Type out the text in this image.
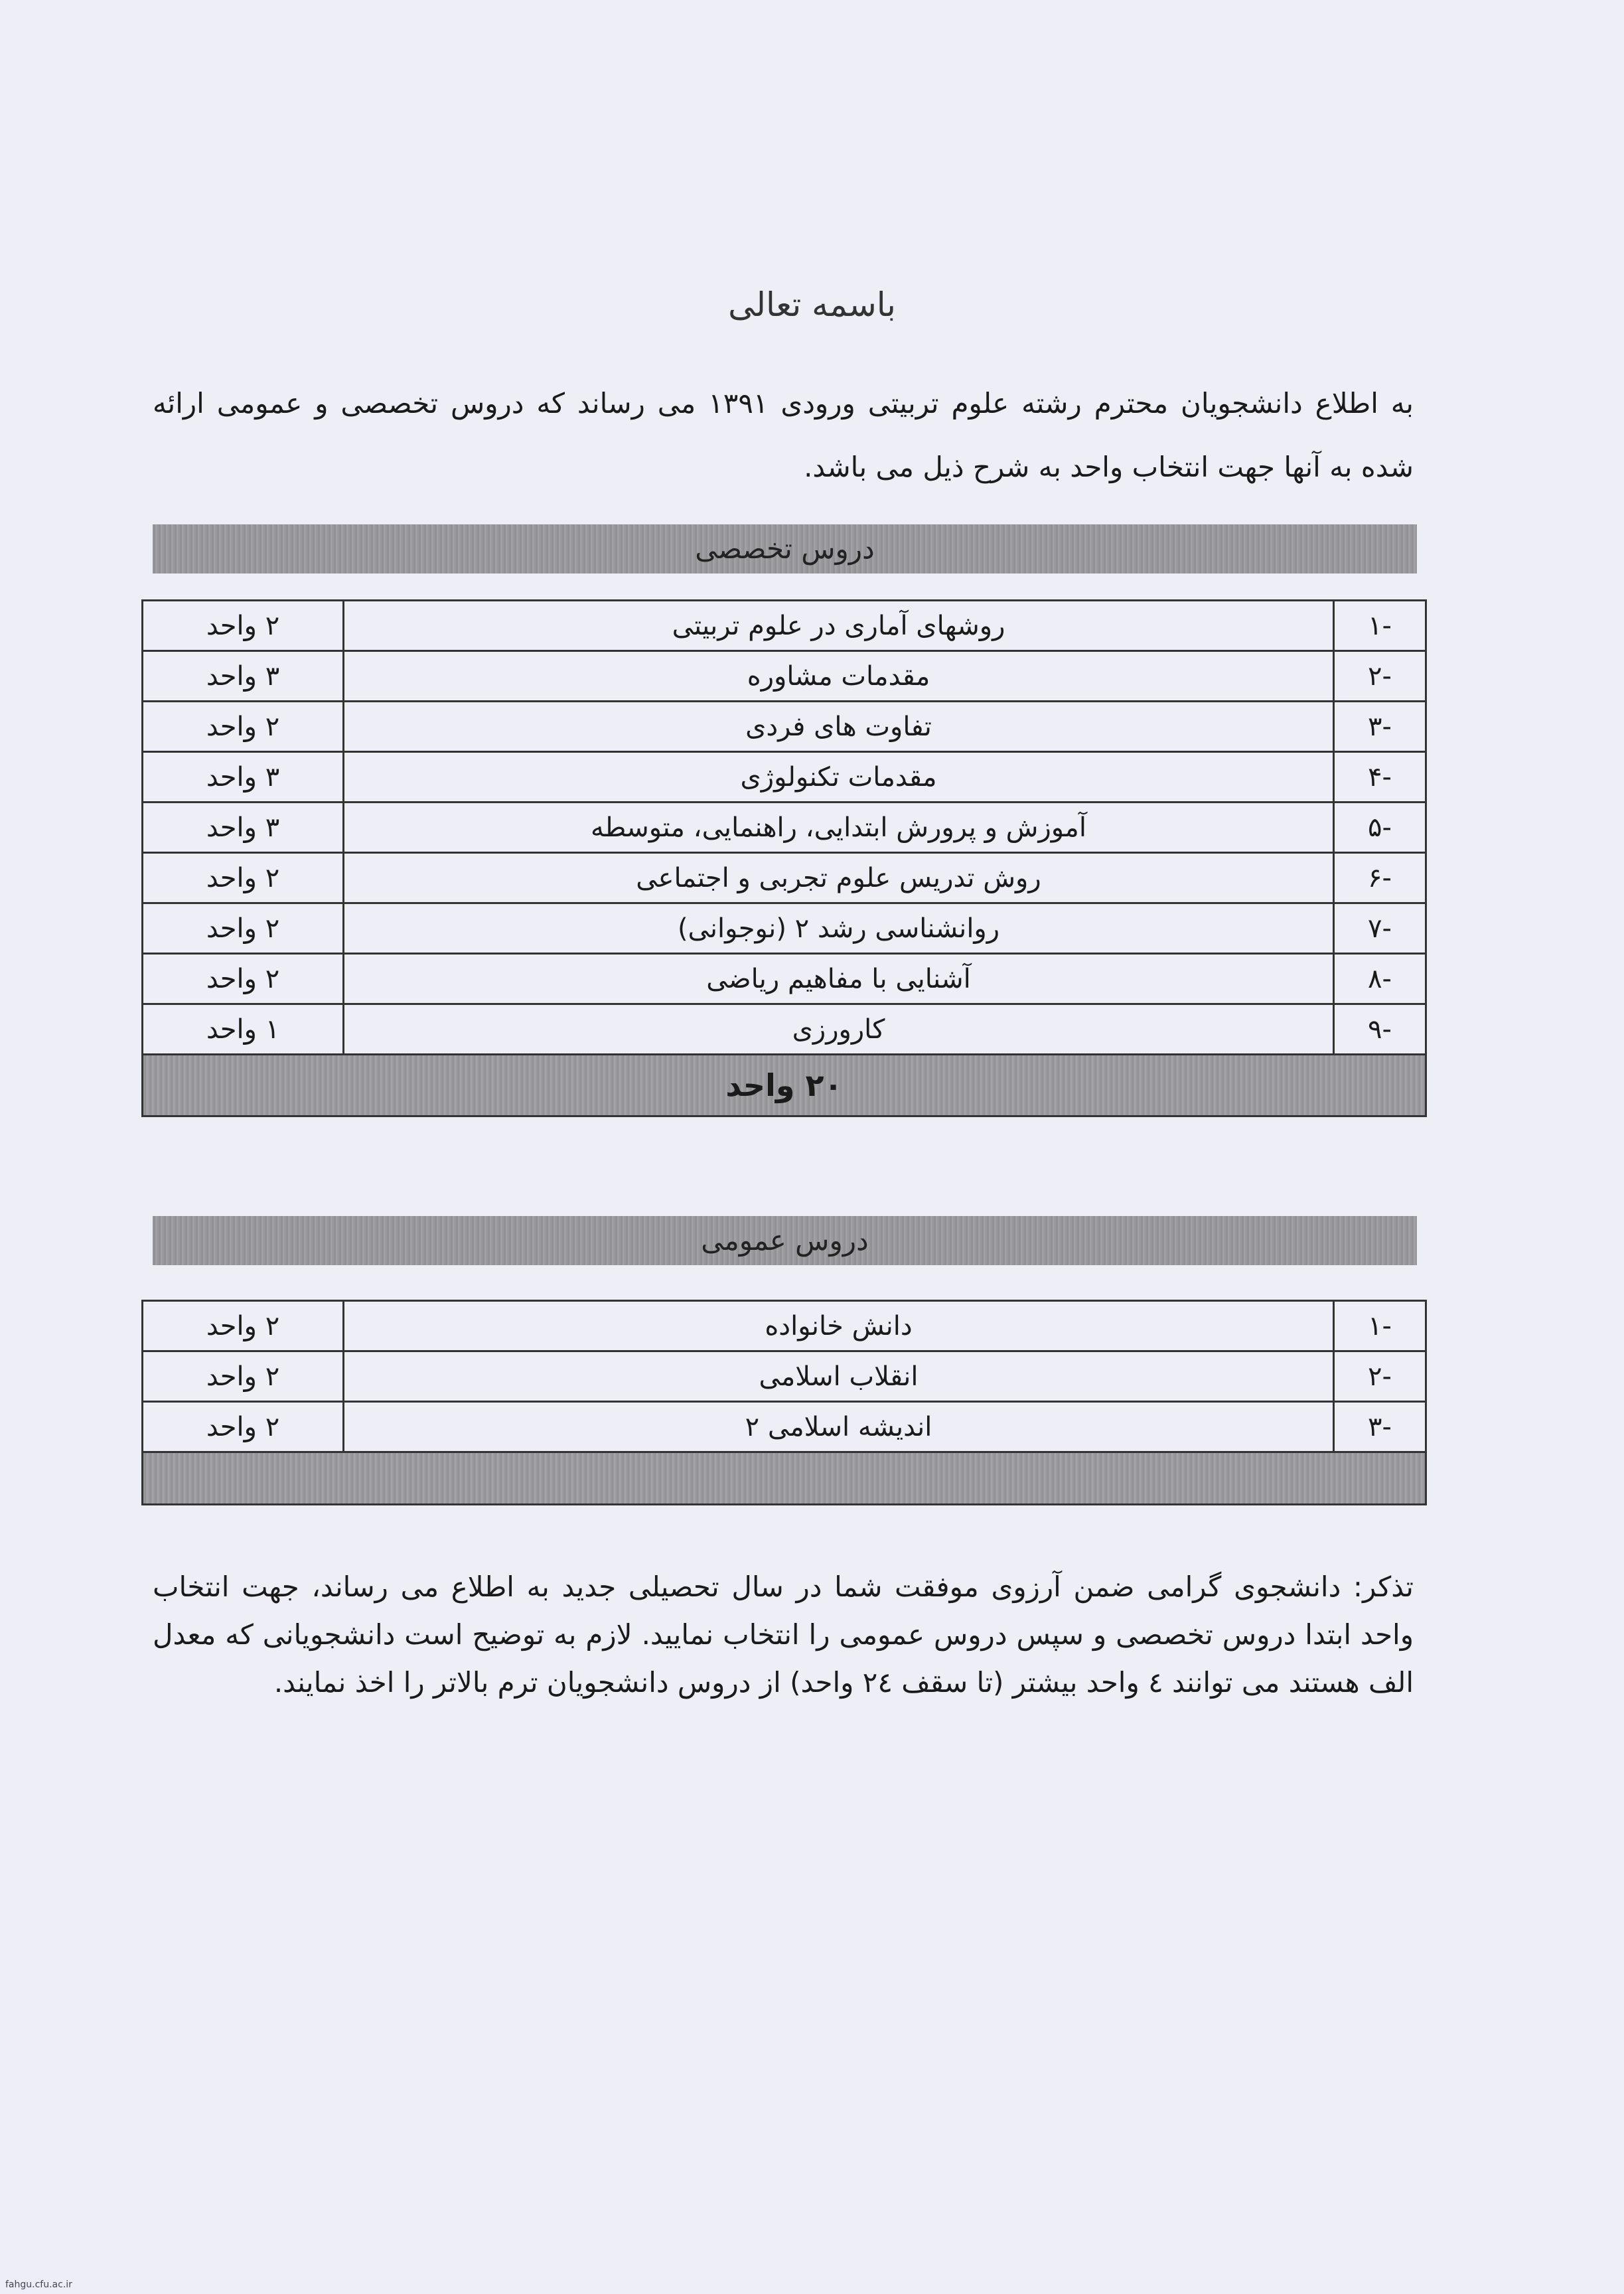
باسمه تعالی
به اطلاع دانشجویان محترم رشته علوم تربیتی ورودی ۱۳۹۱ می رساند که دروس تخصصی و عمومی ارائه شده به آنها جهت انتخاب واحد به شرح ذیل می باشد.
دروس تخصصی
-۱	روشهای آماری در علوم تربیتی	۲ واحد
-۲	مقدمات مشاوره	۳ واحد
-۳	تفاوت های فردی	۲ واحد
-۴	مقدمات تکنولوژی	۳ واحد
-۵	آموزش و پرورش ابتدایی، راهنمایی، متوسطه	۳ واحد
-۶	روش تدریس علوم تجربی و اجتماعی	۲ واحد
-۷	روانشناسی رشد ۲ (نوجوانی)	۲ واحد
-۸	آشنایی با مفاهیم ریاضی	۲ واحد
-۹	کارورزی	۱ واحد
۲۰ واحد		
دروس عمومی
-۱	دانش خانواده	۲ واحد
-۲	انقلاب اسلامی	۲ واحد
-۳	اندیشه اسلامی ۲	۲ واحد

تذکر: دانشجوی گرامی ضمن آرزوی موفقت شما در سال تحصیلی جدید به اطلاع می رساند، جهت انتخاب واحد ابتدا دروس تخصصی و سپس دروس عمومی را انتخاب نمایید. لازم به توضیح است دانشجویانی که معدل الف هستند می توانند ٤ واحد بیشتر (تا سقف ٢٤ واحد) از دروس دانشجویان ترم بالاتر را اخذ نمایند.
fahgu.cfu.ac.ir
